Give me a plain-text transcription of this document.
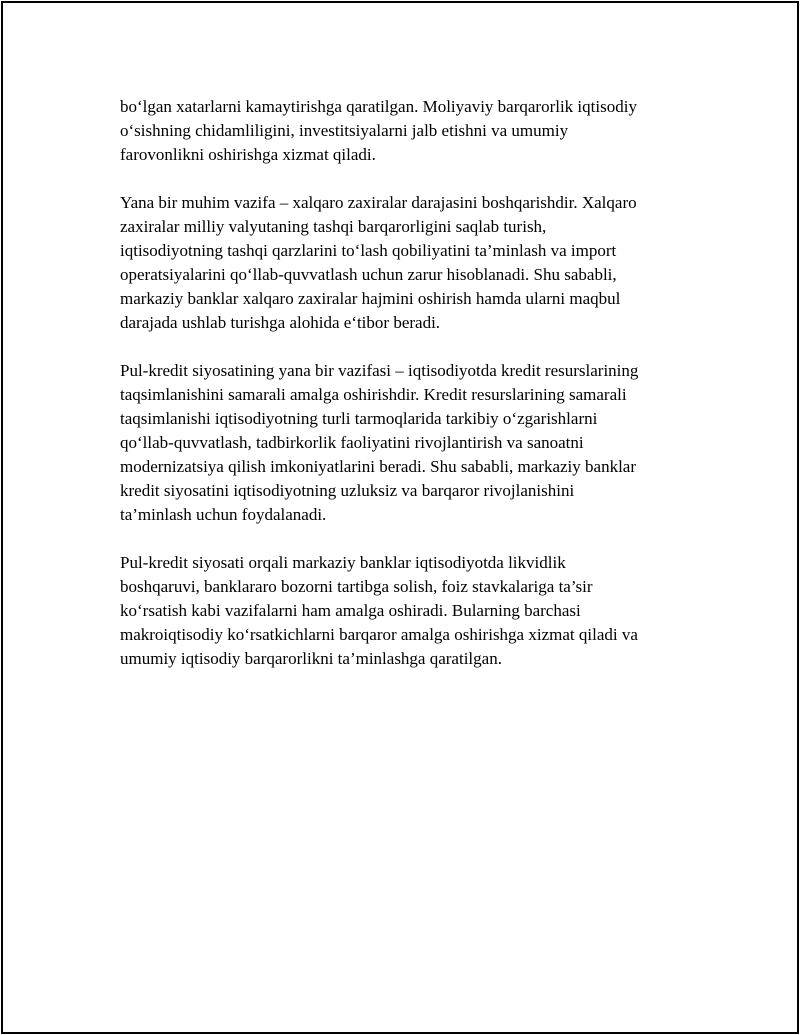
bo‘lgan xatarlarni kamaytirishga qaratilgan. Moliyaviy barqarorlik iqtisodiy
o‘sishning chidamliligini, investitsiyalarni jalb etishni va umumiy
farovonlikni oshirishga xizmat qiladi.

Yana bir muhim vazifa – xalqaro zaxiralar darajasini boshqarishdir. Xalqaro
zaxiralar milliy valyutaning tashqi barqarorligini saqlab turish,
iqtisodiyotning tashqi qarzlarini to‘lash qobiliyatini ta’minlash va import
operatsiyalarini qo‘llab-quvvatlash uchun zarur hisoblanadi. Shu sababli,
markaziy banklar xalqaro zaxiralar hajmini oshirish hamda ularni maqbul
darajada ushlab turishga alohida e‘tibor beradi.

Pul-kredit siyosatining yana bir vazifasi – iqtisodiyotda kredit resurslarining
taqsimlanishini samarali amalga oshirishdir. Kredit resurslarining samarali
taqsimlanishi iqtisodiyotning turli tarmoqlarida tarkibiy o‘zgarishlarni
qo‘llab-quvvatlash, tadbirkorlik faoliyatini rivojlantirish va sanoatni
modernizatsiya qilish imkoniyatlarini beradi. Shu sababli, markaziy banklar
kredit siyosatini iqtisodiyotning uzluksiz va barqaror rivojlanishini
ta’minlash uchun foydalanadi.

Pul-kredit siyosati orqali markaziy banklar iqtisodiyotda likvidlik
boshqaruvi, banklararo bozorni tartibga solish, foiz stavkalariga ta’sir
ko‘rsatish kabi vazifalarni ham amalga oshiradi. Bularning barchasi
makroiqtisodiy ko‘rsatkichlarni barqaror amalga oshirishga xizmat qiladi va
umumiy iqtisodiy barqarorlikni ta’minlashga qaratilgan.
